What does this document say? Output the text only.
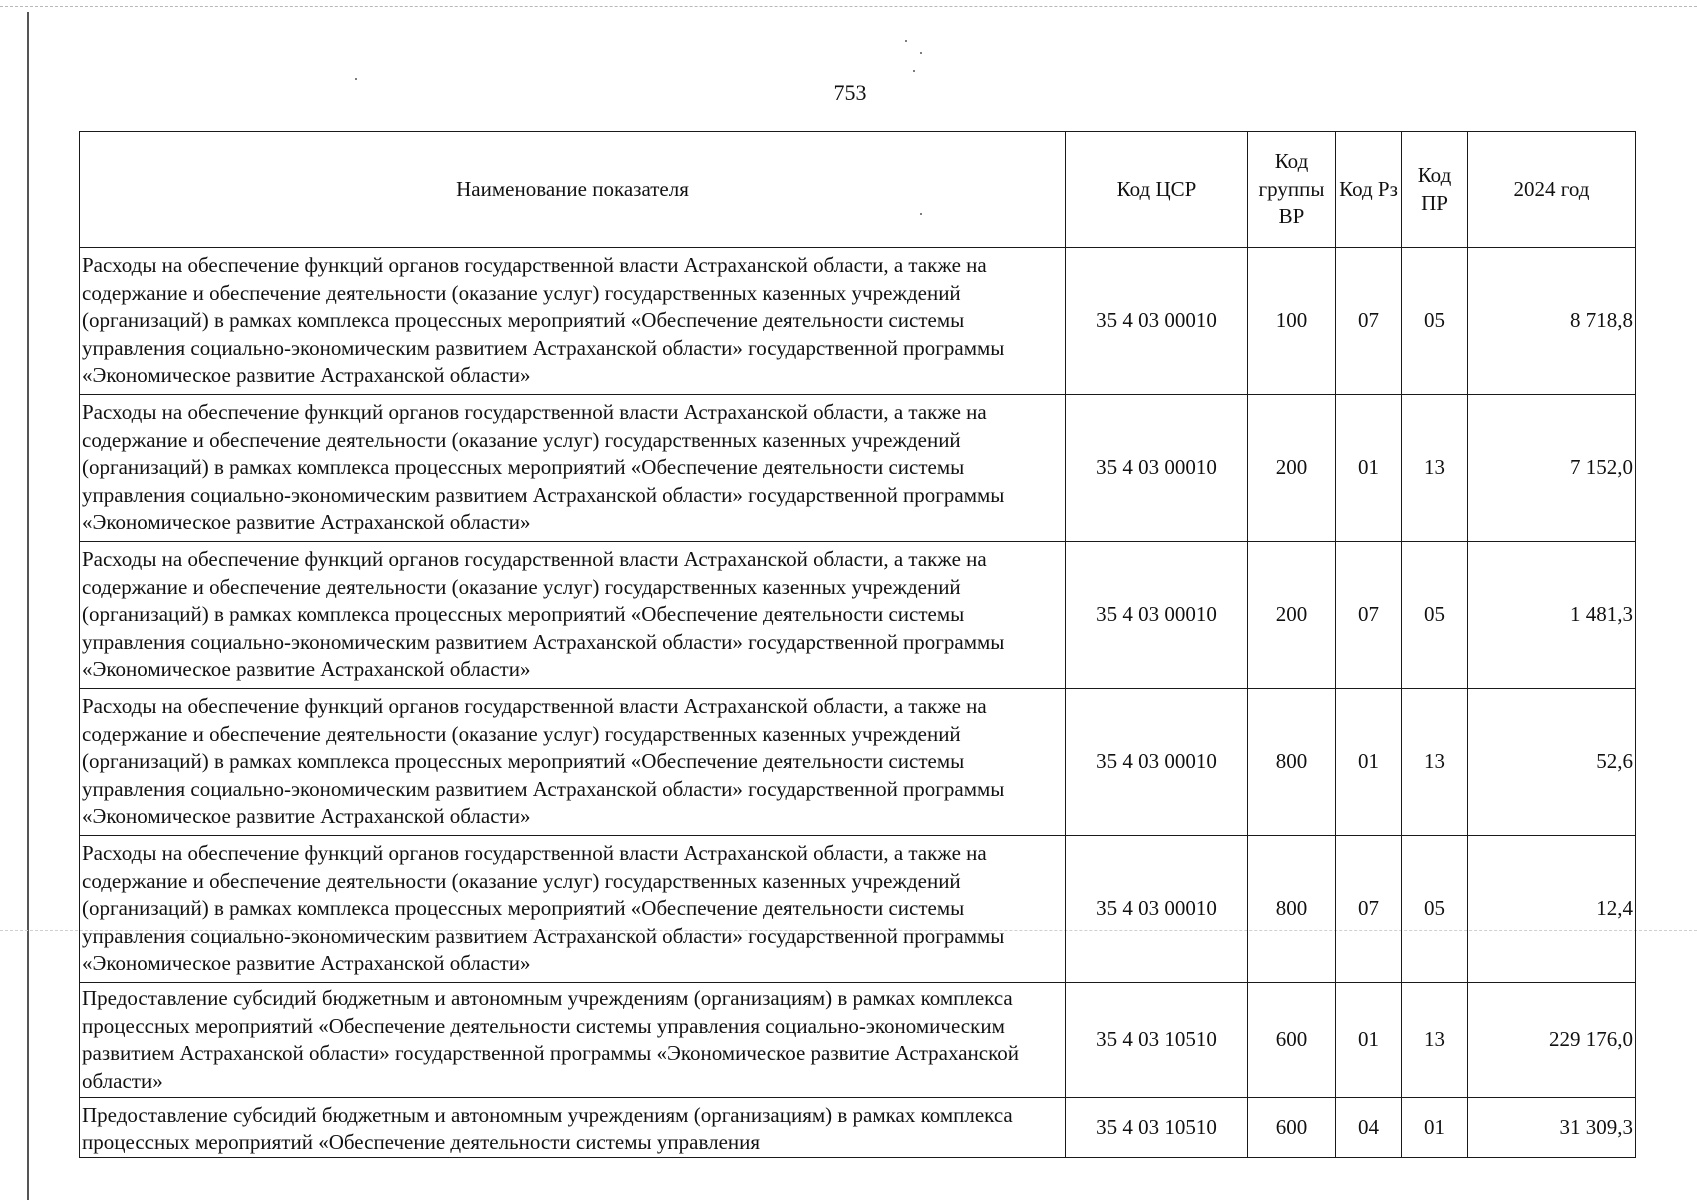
753
Наименование показателя	Код ЦСР	Код группы ВР	Код Рз	Код ПР	2024 год
Расходы на обеспечение функций органов государственной власти Астраханской области, а также на содержание и обеспечение деятельности (оказание услуг) государственных казенных учреждений (организаций) в рамках комплекса процессных мероприятий «Обеспечение деятельности системы управления социально-экономическим развитием Астраханской области» государственной программы «Экономическое развитие Астраханской области»	35 4 03 00010	100	07	05	8 718,8
Расходы на обеспечение функций органов государственной власти Астраханской области, а также на содержание и обеспечение деятельности (оказание услуг) государственных казенных учреждений (организаций) в рамках комплекса процессных мероприятий «Обеспечение деятельности системы управления социально-экономическим развитием Астраханской области» государственной программы «Экономическое развитие Астраханской области»	35 4 03 00010	200	01	13	7 152,0
Расходы на обеспечение функций органов государственной власти Астраханской области, а также на содержание и обеспечение деятельности (оказание услуг) государственных казенных учреждений (организаций) в рамках комплекса процессных мероприятий «Обеспечение деятельности системы управления социально-экономическим развитием Астраханской области» государственной программы «Экономическое развитие Астраханской области»	35 4 03 00010	200	07	05	1 481,3
Расходы на обеспечение функций органов государственной власти Астраханской области, а также на содержание и обеспечение деятельности (оказание услуг) государственных казенных учреждений (организаций) в рамках комплекса процессных мероприятий «Обеспечение деятельности системы управления социально-экономическим развитием Астраханской области» государственной программы «Экономическое развитие Астраханской области»	35 4 03 00010	800	01	13	52,6
Расходы на обеспечение функций органов государственной власти Астраханской области, а также на содержание и обеспечение деятельности (оказание услуг) государственных казенных учреждений (организаций) в рамках комплекса процессных мероприятий «Обеспечение деятельности системы управления социально-экономическим развитием Астраханской области» государственной программы «Экономическое развитие Астраханской области»	35 4 03 00010	800	07	05	12,4
Предоставление субсидий бюджетным и автономным учреждениям (организациям) в рамках комплекса процессных мероприятий «Обеспечение деятельности системы управления социально-экономическим развитием Астраханской области» государственной программы «Экономическое развитие Астраханской области»	35 4 03 10510	600	01	13	229 176,0

Предоставление субсидий бюджетным и автономным учреждениям (организациям) в рамках комплекса процессных мероприятий «Обеспечение деятельности системы управления	35 4 03 10510	600	04	01	31 309,3
